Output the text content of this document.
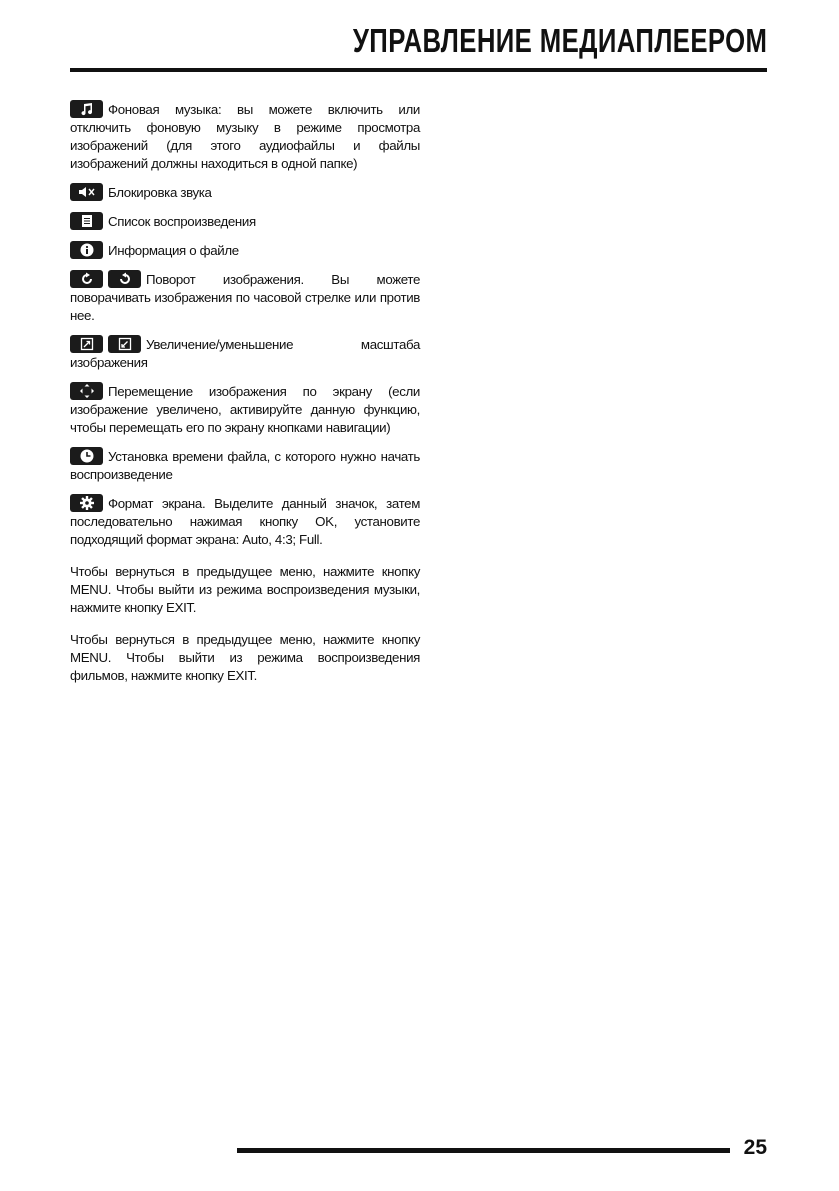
УПРАВЛЕНИЕ МЕДИАПЛЕЕРОМ
Фоновая музыка: вы можете включить или отключить фоновую музыку в режиме просмотра изображений (для этого аудиофайлы и файлы изображений должны находиться в одной папке)
Блокировка звука
Список воспроизведения
Информация о файле
Поворот изображения. Вы можете поворачивать изображения по часовой стрелке или против нее.
Увеличение/уменьшение масштаба изображения
Перемещение изображения по экрану (если изображение увеличено, активируйте данную функцию, чтобы перемещать его по экрану кнопками навигации)
Установка времени файла, с которого нужно начать воспроизведение
Формат экрана. Выделите данный значок, затем последовательно нажимая кнопку OK, установите подходящий формат экрана: Auto, 4:3; Full.

Чтобы вернуться в предыдущее меню, нажмите кнопку MENU. Чтобы выйти из режима воспроизведения музыки, нажмите кнопку EXIT.

Чтобы вернуться в предыдущее меню, нажмите кнопку MENU. Чтобы выйти из режима воспроизведения фильмов, нажмите кнопку EXIT.

25
